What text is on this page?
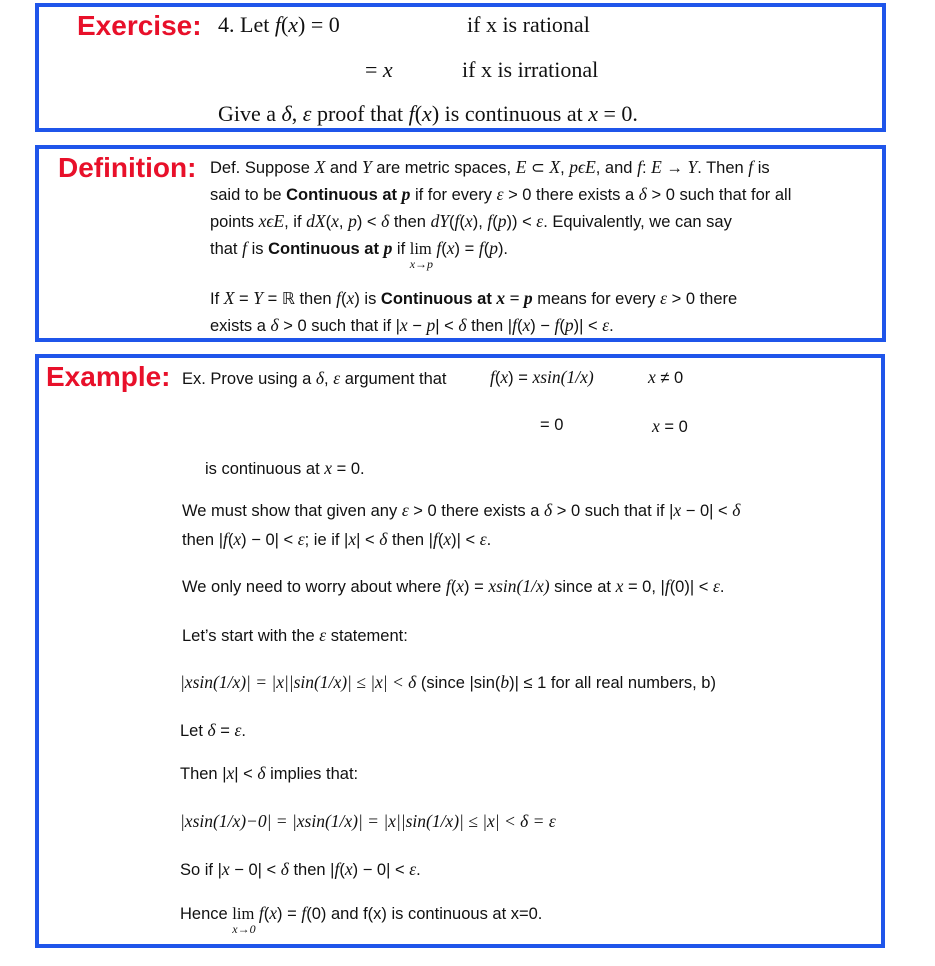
Exercise:
Definition:
Example:
4. Let f(x) = 0	if x is rational
= x	if x is irrational
Give a δ, ε proof that f(x) is continuous at x = 0.
Def. Suppose X and Y are metric spaces, E ⊂ X, pϵE, and f: E → Y. Then f is
said to be Continuous at p if for every ε > 0 there exists a δ > 0 such that for all
points xϵE, if dX(x, p) < δ then dY(f(x), f(p)) < ε. Equivalently, we can say
that f is Continuous at p if lim
x→p
f(x) = f(p).
If X = Y = ℝ then f(x) is Continuous at x = p means for every ε > 0 there
exists a δ > 0 such that if |x − p| < δ then |f(x) − f(p)| < ε.
Ex. Prove using a δ, ε argument that f(x) = xsin(1/x)	x ≠ 0
= 0	x = 0
is continuous at x = 0.
We must show that given any ε > 0 there exists a δ > 0 such that if |x − 0| < δ
then |f(x) − 0| < ε; ie if |x| < δ then |f(x)| < ε.
We only need to worry about where f(x) = xsin(1/x) since at x = 0, |f(0)| < ε.
Let’s start with the ε statement:
|xsin(1/x)| = |x||sin(1/x)| ≤ |x| < δ (since |sin(b)| ≤ 1 for all real numbers, b)
Let δ = ε.
Then |x| < δ implies that:
|xsin(1/x)−0| = |xsin(1/x)| = |x||sin(1/x)| ≤ |x| < δ = ε
So if |x − 0| < δ then |f(x) − 0| < ε.
Hence lim
x→0
f(x) = f(0) and f(x) is continuous at x=0.
